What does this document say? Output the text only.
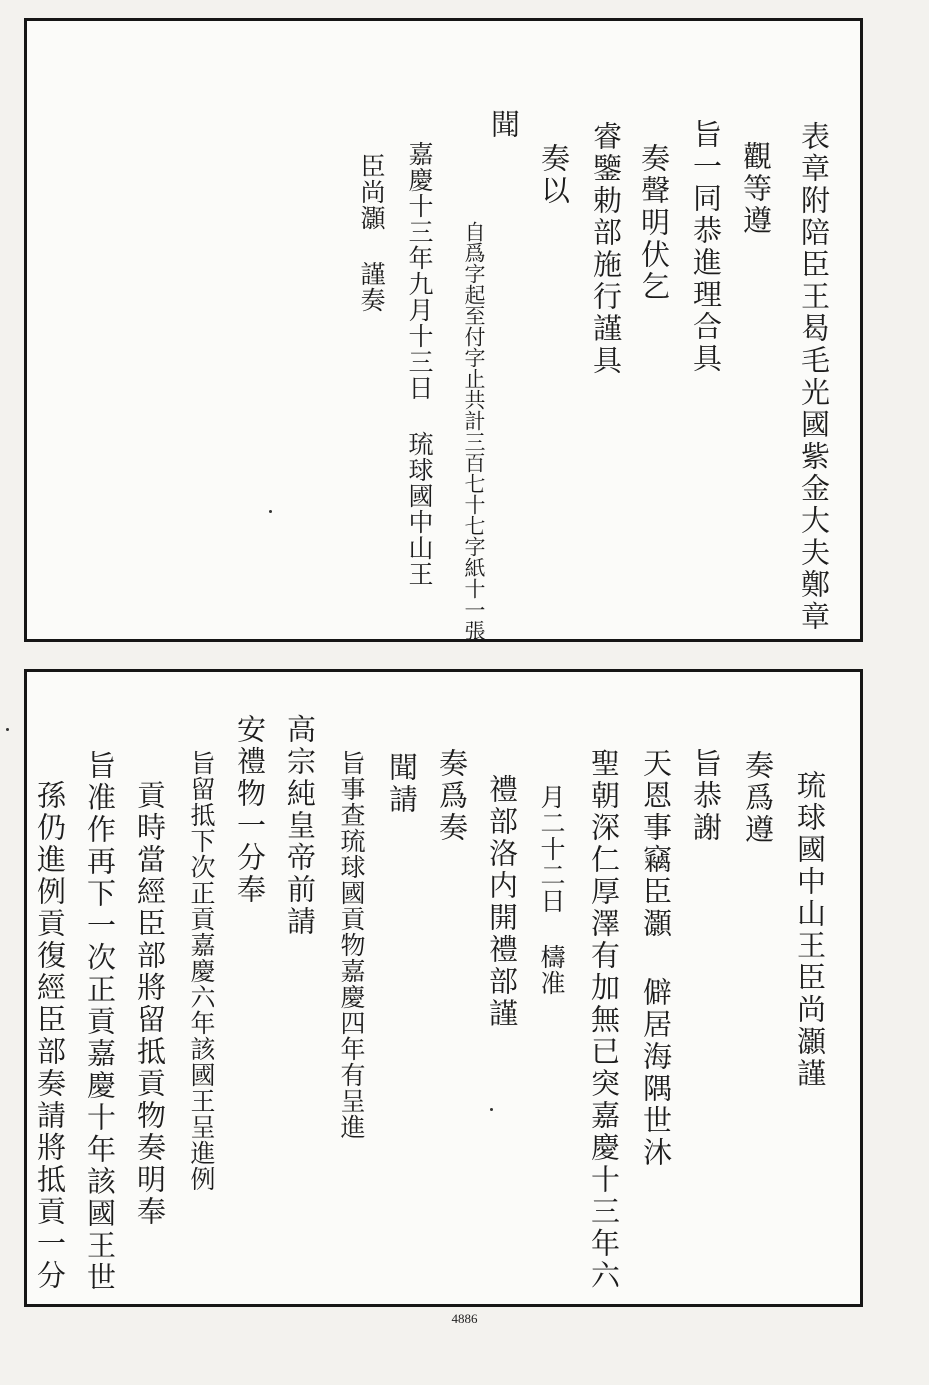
表章附陪臣王曷毛光國紫金大夫鄭章
觀等遵
旨一同恭進理合具
奏聲明伏乞
睿鑒勅部施行謹具
奏以
聞
自爲字起至付字止共計三百七十七字紙十一張
嘉慶十三年九月十三日 琉球國中山王
臣尚灝 謹奏
琉球國中山王臣尚灝謹
奏爲遵
旨恭謝
天恩事竊臣灝 僻居海隅世沐
聖朝深仁厚澤有加無已突嘉慶十三年六
月二十二日 檮准
禮部洛内開禮部謹
奏爲奏
聞請
旨事查琉球國貢物嘉慶四年有呈進
高宗純皇帝前請
安禮物一分奉
旨留抵下次正貢嘉慶六年該國王呈進例
貢時當經臣部將留抵貢物奏明奉
旨准作再下一次正貢嘉慶十年該國王世
孫仍進例貢復經臣部奏請將抵貢一分
4886
